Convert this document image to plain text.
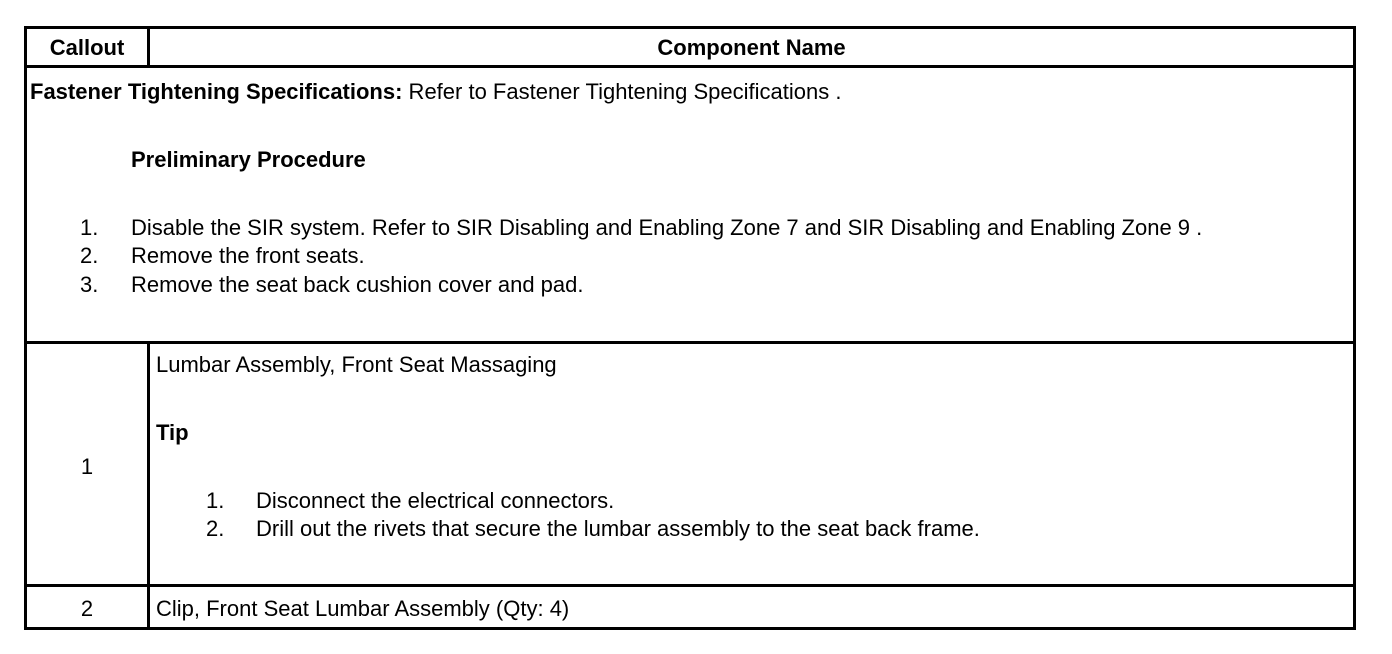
Callout	Component Name
Fastener Tightening Specifications: Refer to Fastener Tightening Specifications .
Preliminary Procedure
1. Disable the SIR system. Refer to SIR Disabling and Enabling Zone 7 and SIR Disabling and Enabling Zone 9 .
2. Remove the front seats.
3. Remove the seat back cushion cover and pad.
1
Lumbar Assembly, Front Seat Massaging
Tip
1. Disconnect the electrical connectors.
2. Drill out the rivets that secure the lumbar assembly to the seat back frame.
2	Clip, Front Seat Lumbar Assembly (Qty: 4)
